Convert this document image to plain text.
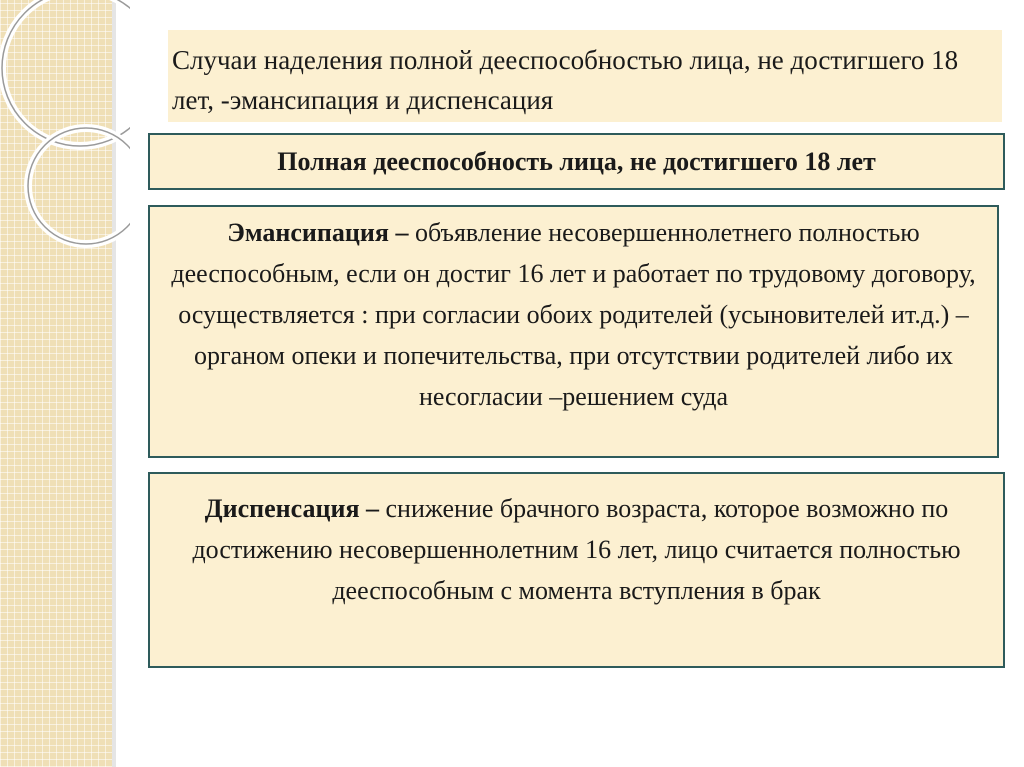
Случаи наделения полной дееспособностью лица, не достигшего 18 лет, -эмансипация и диспенсация
Полная дееспособность лица, не достигшего 18 лет
Эмансипация – объявление несовершеннолетнего полностью дееспособным, если он достиг 16 лет и работает по трудовому договору, осуществляется : при согласии обоих родителей (усыновителей ит.д.) – органом опеки и попечительства, при отсутствии родителей либо их несогласии –решением суда
Диспенсация – снижение брачного возраста, которое возможно по достижению несовершеннолетним 16 лет, лицо считается полностью дееспособным с момента вступления в брак
